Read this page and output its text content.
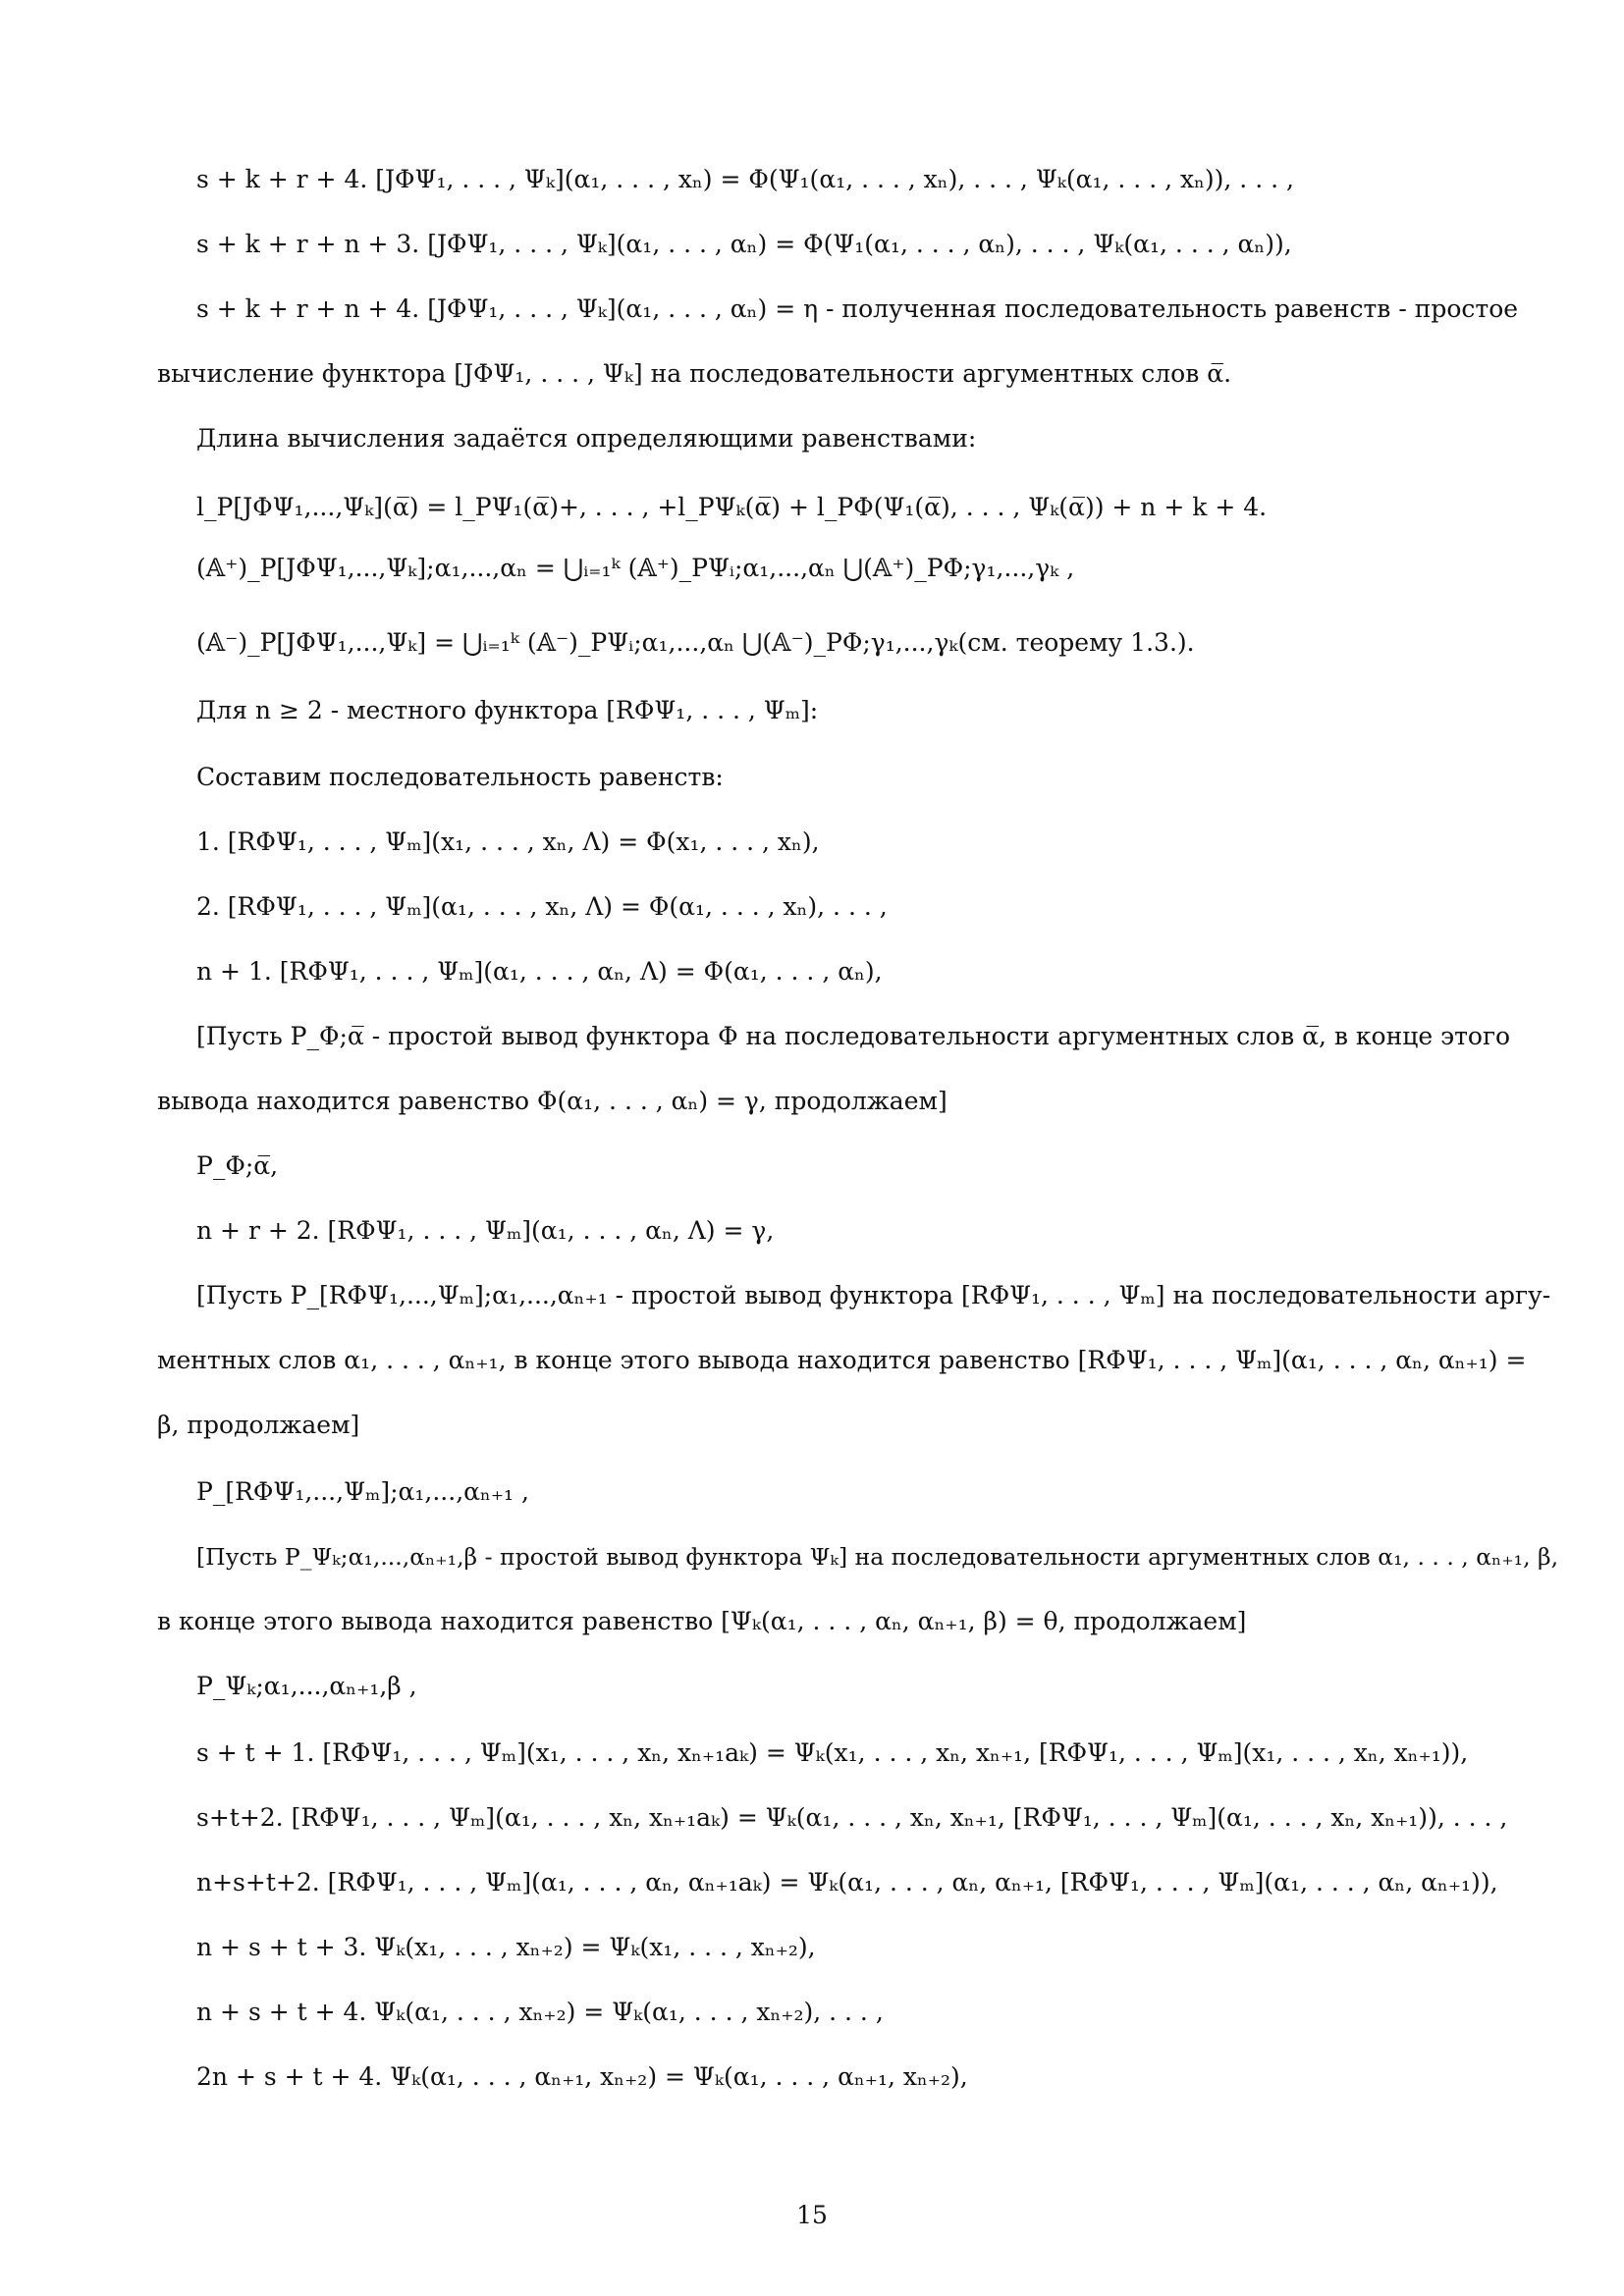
s + k + r + 4. [JΦΨ₁, . . . , Ψₖ](α₁, . . . , xₙ) = Φ(Ψ₁(α₁, . . . , xₙ), . . . , Ψₖ(α₁, . . . , xₙ)), . . . ,
s + k + r + n + 3. [JΦΨ₁, . . . , Ψₖ](α₁, . . . , αₙ) = Φ(Ψ₁(α₁, . . . , αₙ), . . . , Ψₖ(α₁, . . . , αₙ)),
s + k + r + n + 4. [JΦΨ₁, . . . , Ψₖ](α₁, . . . , αₙ) = η - полученная последовательность равенств - простое
вычисление функтора [JΦΨ₁, . . . , Ψₖ] на последовательности аргументных слов α̅.
Длина вычисления задаётся определяющими равенствами:
l_P[JΦΨ₁,...,Ψₖ](α̅) = l_PΨ₁(α̅)+, . . . , +l_PΨₖ(α̅) + l_PΦ(Ψ₁(α̅), . . . , Ψₖ(α̅)) + n + k + 4.
(𝔸⁺)_P[JΦΨ₁,...,Ψₖ];α₁,...,αₙ = ⋃ᵢ₌₁ᵏ (𝔸⁺)_PΨᵢ;α₁,...,αₙ ⋃(𝔸⁺)_PΦ;γ₁,...,γₖ ,
(𝔸⁻)_P[JΦΨ₁,...,Ψₖ] = ⋃ᵢ₌₁ᵏ (𝔸⁻)_PΨᵢ;α₁,...,αₙ ⋃(𝔸⁻)_PΦ;γ₁,...,γₖ(см. теорему 1.3.).
Для n ≥ 2 - местного функтора [RΦΨ₁, . . . , Ψₘ]:
Составим последовательность равенств:
1. [RΦΨ₁, . . . , Ψₘ](x₁, . . . , xₙ, Λ) = Φ(x₁, . . . , xₙ),
2. [RΦΨ₁, . . . , Ψₘ](α₁, . . . , xₙ, Λ) = Φ(α₁, . . . , xₙ), . . . ,
n + 1. [RΦΨ₁, . . . , Ψₘ](α₁, . . . , αₙ, Λ) = Φ(α₁, . . . , αₙ),
[Пусть P_Φ;α̅ - простой вывод функтора Φ на последовательности аргументных слов α̅, в конце этого
вывода находится равенство Φ(α₁, . . . , αₙ) = γ, продолжаем]
P_Φ;α̅,
n + r + 2. [RΦΨ₁, . . . , Ψₘ](α₁, . . . , αₙ, Λ) = γ,
[Пусть P_[RΦΨ₁,...,Ψₘ];α₁,...,αₙ₊₁ - простой вывод функтора [RΦΨ₁, . . . , Ψₘ] на последовательности аргу-
ментных слов α₁, . . . , αₙ₊₁, в конце этого вывода находится равенство [RΦΨ₁, . . . , Ψₘ](α₁, . . . , αₙ, αₙ₊₁) =
β, продолжаем]
P_[RΦΨ₁,...,Ψₘ];α₁,...,αₙ₊₁ ,
[Пусть P_Ψₖ;α₁,...,αₙ₊₁,β - простой вывод функтора Ψₖ] на последовательности аргументных слов α₁, . . . , αₙ₊₁, β,
в конце этого вывода находится равенство [Ψₖ(α₁, . . . , αₙ, αₙ₊₁, β) = θ, продолжаем]
P_Ψₖ;α₁,...,αₙ₊₁,β ,
s + t + 1. [RΦΨ₁, . . . , Ψₘ](x₁, . . . , xₙ, xₙ₊₁aₖ) = Ψₖ(x₁, . . . , xₙ, xₙ₊₁, [RΦΨ₁, . . . , Ψₘ](x₁, . . . , xₙ, xₙ₊₁)),
s+t+2. [RΦΨ₁, . . . , Ψₘ](α₁, . . . , xₙ, xₙ₊₁aₖ) = Ψₖ(α₁, . . . , xₙ, xₙ₊₁, [RΦΨ₁, . . . , Ψₘ](α₁, . . . , xₙ, xₙ₊₁)), . . . ,
n+s+t+2. [RΦΨ₁, . . . , Ψₘ](α₁, . . . , αₙ, αₙ₊₁aₖ) = Ψₖ(α₁, . . . , αₙ, αₙ₊₁, [RΦΨ₁, . . . , Ψₘ](α₁, . . . , αₙ, αₙ₊₁)),
n + s + t + 3. Ψₖ(x₁, . . . , xₙ₊₂) = Ψₖ(x₁, . . . , xₙ₊₂),
n + s + t + 4. Ψₖ(α₁, . . . , xₙ₊₂) = Ψₖ(α₁, . . . , xₙ₊₂), . . . ,
2n + s + t + 4. Ψₖ(α₁, . . . , αₙ₊₁, xₙ₊₂) = Ψₖ(α₁, . . . , αₙ₊₁, xₙ₊₂),
15
